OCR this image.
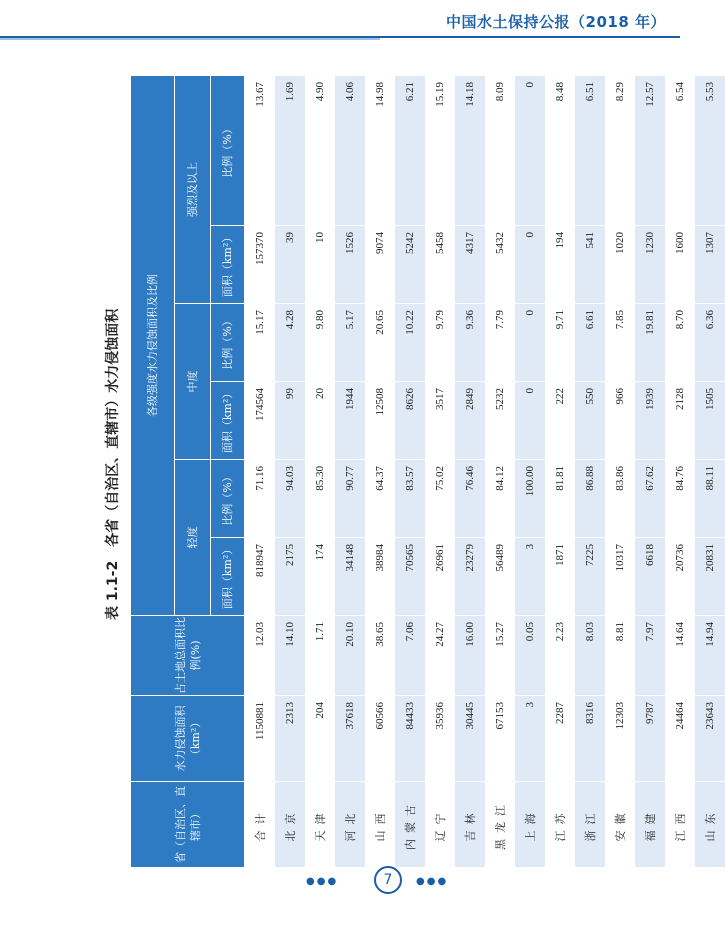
中国水土保持公报（2018 年）
表 1.1-2　各省（自治区、直辖市）水力侵蚀面积
省（自治区、直辖市）	水力侵蚀面积（km²）	占土地总面积比例(%)	各级强度水力侵蚀面积及比例					
			轻度		中度		强烈及以上	
			面积（km²）	比例（%）	面积（km²）	比例（%）	面积（km²）	比例（%）
合计	1150881	12.03	818947	71.16	174564	15.17	157370	13.67
北京	2313	14.10	2175	94.03	99	4.28	39	1.69
天津	204	1.71	174	85.30	20	9.80	10	4.90
河北	37618	20.10	34148	90.77	1944	5.17	1526	4.06
山西	60566	38.65	38984	64.37	12508	20.65	9074	14.98
内蒙古	84433	7.06	70565	83.57	8626	10.22	5242	6.21
辽宁	35936	24.27	26961	75.02	3517	9.79	5458	15.19
吉林	30445	16.00	23279	76.46	2849	9.36	4317	14.18
黑龙江	67153	15.27	56489	84.12	5232	7.79	5432	8.09
上海	3	0.05	3	100.00	0	0	0	0
江苏	2287	2.23	1871	81.81	222	9.71	194	8.48
浙江	8316	8.03	7225	86.88	550	6.61	541	6.51
安徽	12303	8.81	10317	83.86	966	7.85	1020	8.29
福建	9787	7.97	6618	67.62	1939	19.81	1230	12.57
江西	24464	14.64	20736	84.76	2128	8.70	1600	6.54
山东	23643	14.94	20831	88.11	1505	6.36	1307	5.53
●●●	7	●●●
